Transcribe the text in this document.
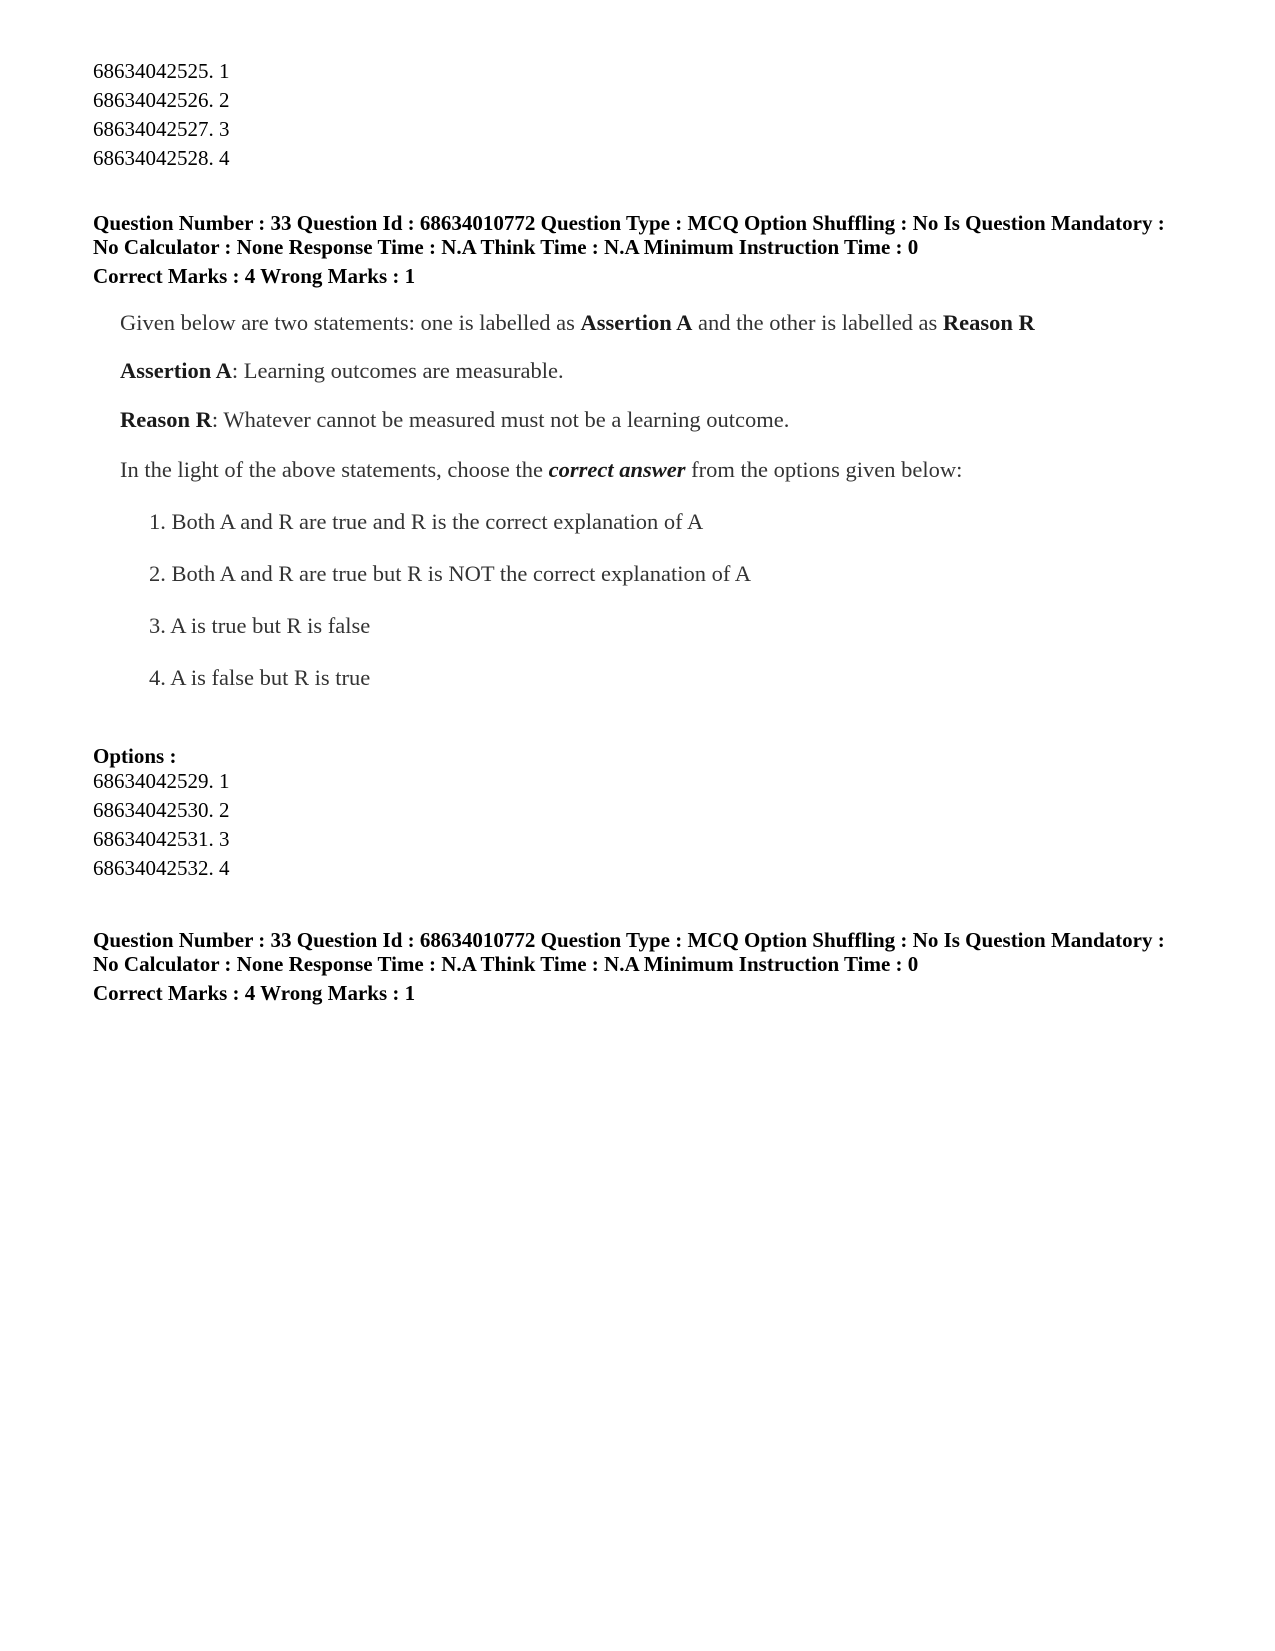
68634042525. 1
68634042526. 2
68634042527. 3
68634042528. 4
Question Number : 33 Question Id : 68634010772 Question Type : MCQ Option Shuffling : No Is Question Mandatory :
No Calculator : None Response Time : N.A Think Time : N.A Minimum Instruction Time : 0
Correct Marks : 4 Wrong Marks : 1
Given below are two statements: one is labelled as Assertion A and the other is labelled as Reason R
Assertion A: Learning outcomes are measurable.
Reason R: Whatever cannot be measured must not be a learning outcome.
In the light of the above statements, choose the correct answer from the options given below:
1. Both A and R are true and R is the correct explanation of A
2. Both A and R are true but R is NOT the correct explanation of A
3. A is true but R is false
4. A is false but R is true
Options :
68634042529. 1
68634042530. 2
68634042531. 3
68634042532. 4
Question Number : 33 Question Id : 68634010772 Question Type : MCQ Option Shuffling : No Is Question Mandatory :
No Calculator : None Response Time : N.A Think Time : N.A Minimum Instruction Time : 0
Correct Marks : 4 Wrong Marks : 1
